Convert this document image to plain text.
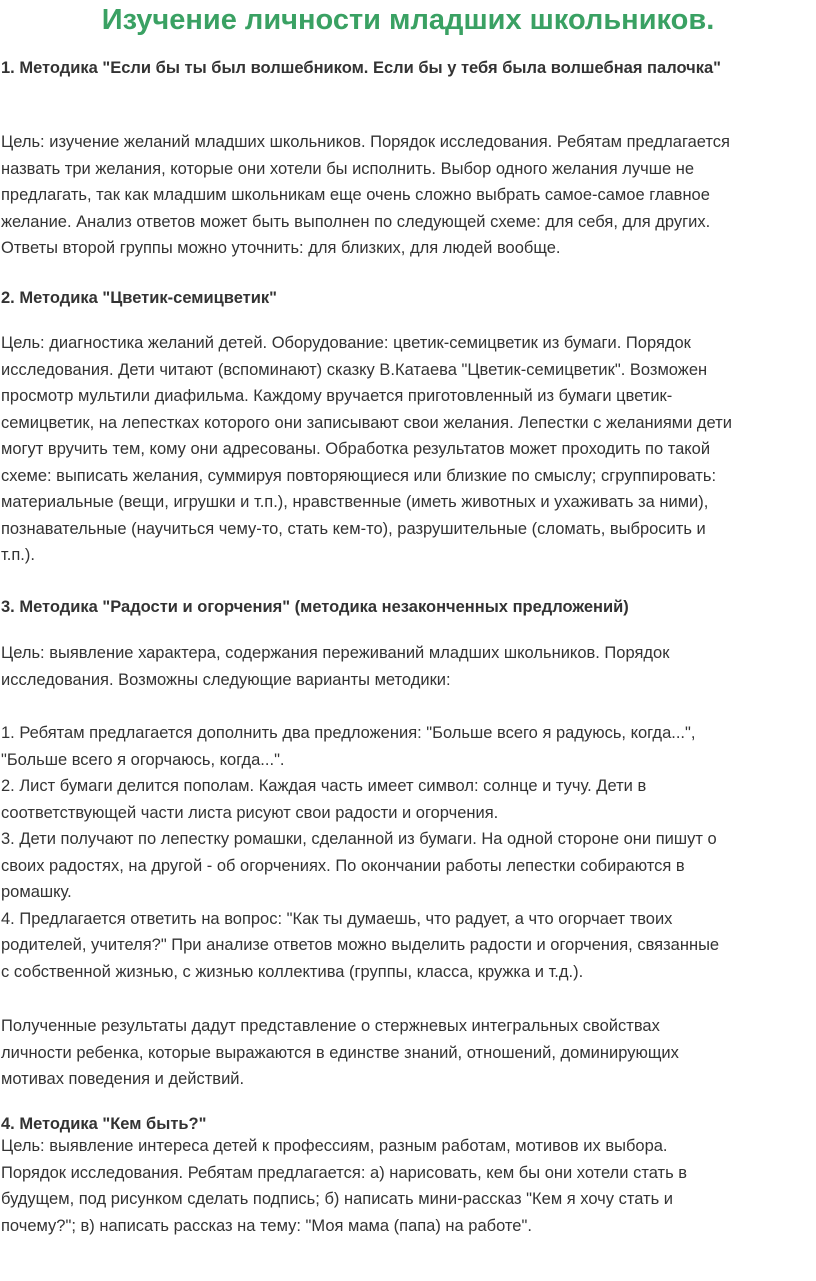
Изучение личности младших школьников.
1. Методика "Если бы ты был волшебником. Если бы у тебя была волшебная палочка"
Цель: изучение желаний младших школьников. Порядок исследования. Ребятам предлагается
назвать три желания, которые они хотели бы исполнить. Выбор одного желания лучше не
предлагать, так как младшим школьникам еще очень сложно выбрать самое-самое главное
желание. Анализ ответов может быть выполнен по следующей схеме: для себя, для других.
Ответы второй группы можно уточнить: для близких, для людей вообще.
2. Методика "Цветик-семицветик"
Цель: диагностика желаний детей. Оборудование: цветик-семицветик из бумаги. Порядок
исследования. Дети читают (вспоминают) сказку В.Катаева "Цветик-семицветик". Возможен
просмотр мультили диафильма. Каждому вручается приготовленный из бумаги цветик-
семицветик, на лепестках которого они записывают свои желания. Лепестки с желаниями дети
могут вручить тем, кому они адресованы. Обработка результатов может проходить по такой
схеме: выписать желания, суммируя повторяющиеся или близкие по смыслу; сгруппировать:
материальные (вещи, игрушки и т.п.), нравственные (иметь животных и ухаживать за ними),
познавательные (научиться чему-то, стать кем-то), разрушительные (сломать, выбросить и
т.п.).
3. Методика "Радости и огорчения" (методика незаконченных предложений)
Цель: выявление характера, содержания переживаний младших школьников. Порядок
исследования. Возможны следующие варианты методики:
1. Ребятам предлагается дополнить два предложения: "Больше всего я радуюсь, когда...",
"Больше всего я огорчаюсь, когда...".
2. Лист бумаги делится пополам. Каждая часть имеет символ: солнце и тучу. Дети в
соответствующей части листа рисуют свои радости и огорчения.
3. Дети получают по лепестку ромашки, сделанной из бумаги. На одной стороне они пишут о
своих радостях, на другой - об огорчениях. По окончании работы лепестки собираются в
ромашку.
4. Предлагается ответить на вопрос: "Как ты думаешь, что радует, а что огорчает твоих
родителей, учителя?" При анализе ответов можно выделить радости и огорчения, связанные
с собственной жизнью, с жизнью коллектива (группы, класса, кружка и т.д.).
Полученные результаты дадут представление о стержневых интегральных свойствах
личности ребенка, которые выражаются в единстве знаний, отношений, доминирующих
мотивах поведения и действий.
4. Методика "Кем быть?"
Цель: выявление интереса детей к профессиям, разным работам, мотивов их выбора.
Порядок исследования. Ребятам предлагается: а) нарисовать, кем бы они хотели стать в
будущем, под рисунком сделать подпись; б) написать мини-рассказ "Кем я хочу стать и
почему?"; в) написать рассказ на тему: "Моя мама (папа) на работе".
